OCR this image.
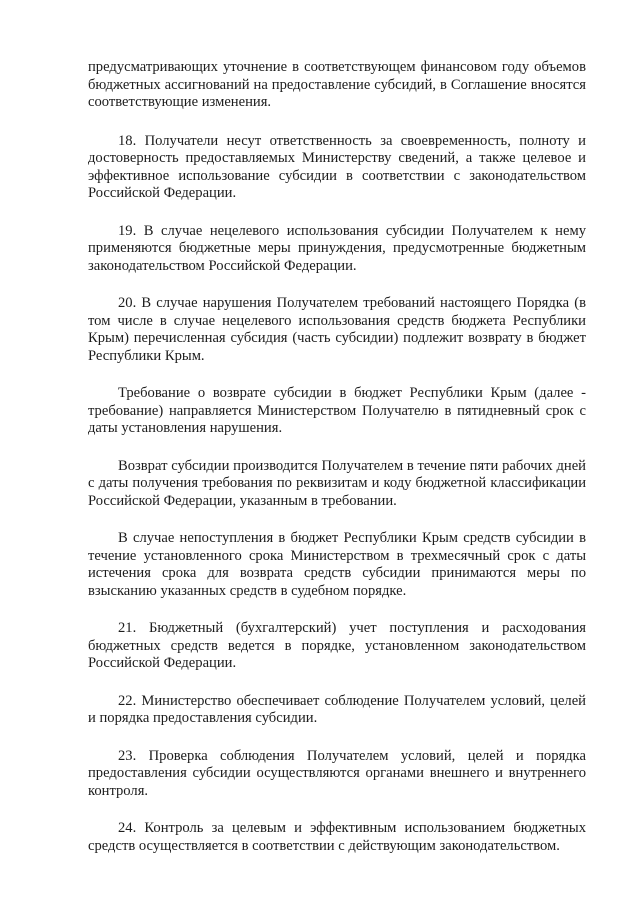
предусматривающих уточнение в соответствующем финансовом году объемов бюджетных ассигнований на предоставление субсидий, в Соглашение вносятся соответствующие изменения.

18. Получатели несут ответственность за своевременность, полноту и достоверность предоставляемых Министерству сведений, а также целевое и эффективное использование субсидии в соответствии с законодательством Российской Федерации.

19. В случае нецелевого использования субсидии Получателем к нему применяются бюджетные меры принуждения, предусмотренные бюджетным законодательством Российской Федерации.

20. В случае нарушения Получателем требований настоящего Порядка (в том числе в случае нецелевого использования средств бюджета Республики Крым) перечисленная субсидия (часть субсидии) подлежит возврату в бюджет Республики Крым.

Требование о возврате субсидии в бюджет Республики Крым (далее - требование) направляется Министерством Получателю в пятидневный срок с даты установления нарушения.

Возврат субсидии производится Получателем в течение пяти рабочих дней с даты получения требования по реквизитам и коду бюджетной классификации Российской Федерации, указанным в требовании.

В случае непоступления в бюджет Республики Крым средств субсидии в течение установленного срока Министерством в трехмесячный срок с даты истечения срока для возврата средств субсидии принимаются меры по взысканию указанных средств в судебном порядке.

21. Бюджетный (бухгалтерский) учет поступления и расходования бюджетных средств ведется в порядке, установленном законодательством Российской Федерации.

22. Министерство обеспечивает соблюдение Получателем условий, целей и порядка предоставления субсидии.

23. Проверка соблюдения Получателем условий, целей и порядка предоставления субсидии осуществляются органами внешнего и внутреннего контроля.

24. Контроль за целевым и эффективным использованием бюджетных средств осуществляется в соответствии с действующим законодательством.
